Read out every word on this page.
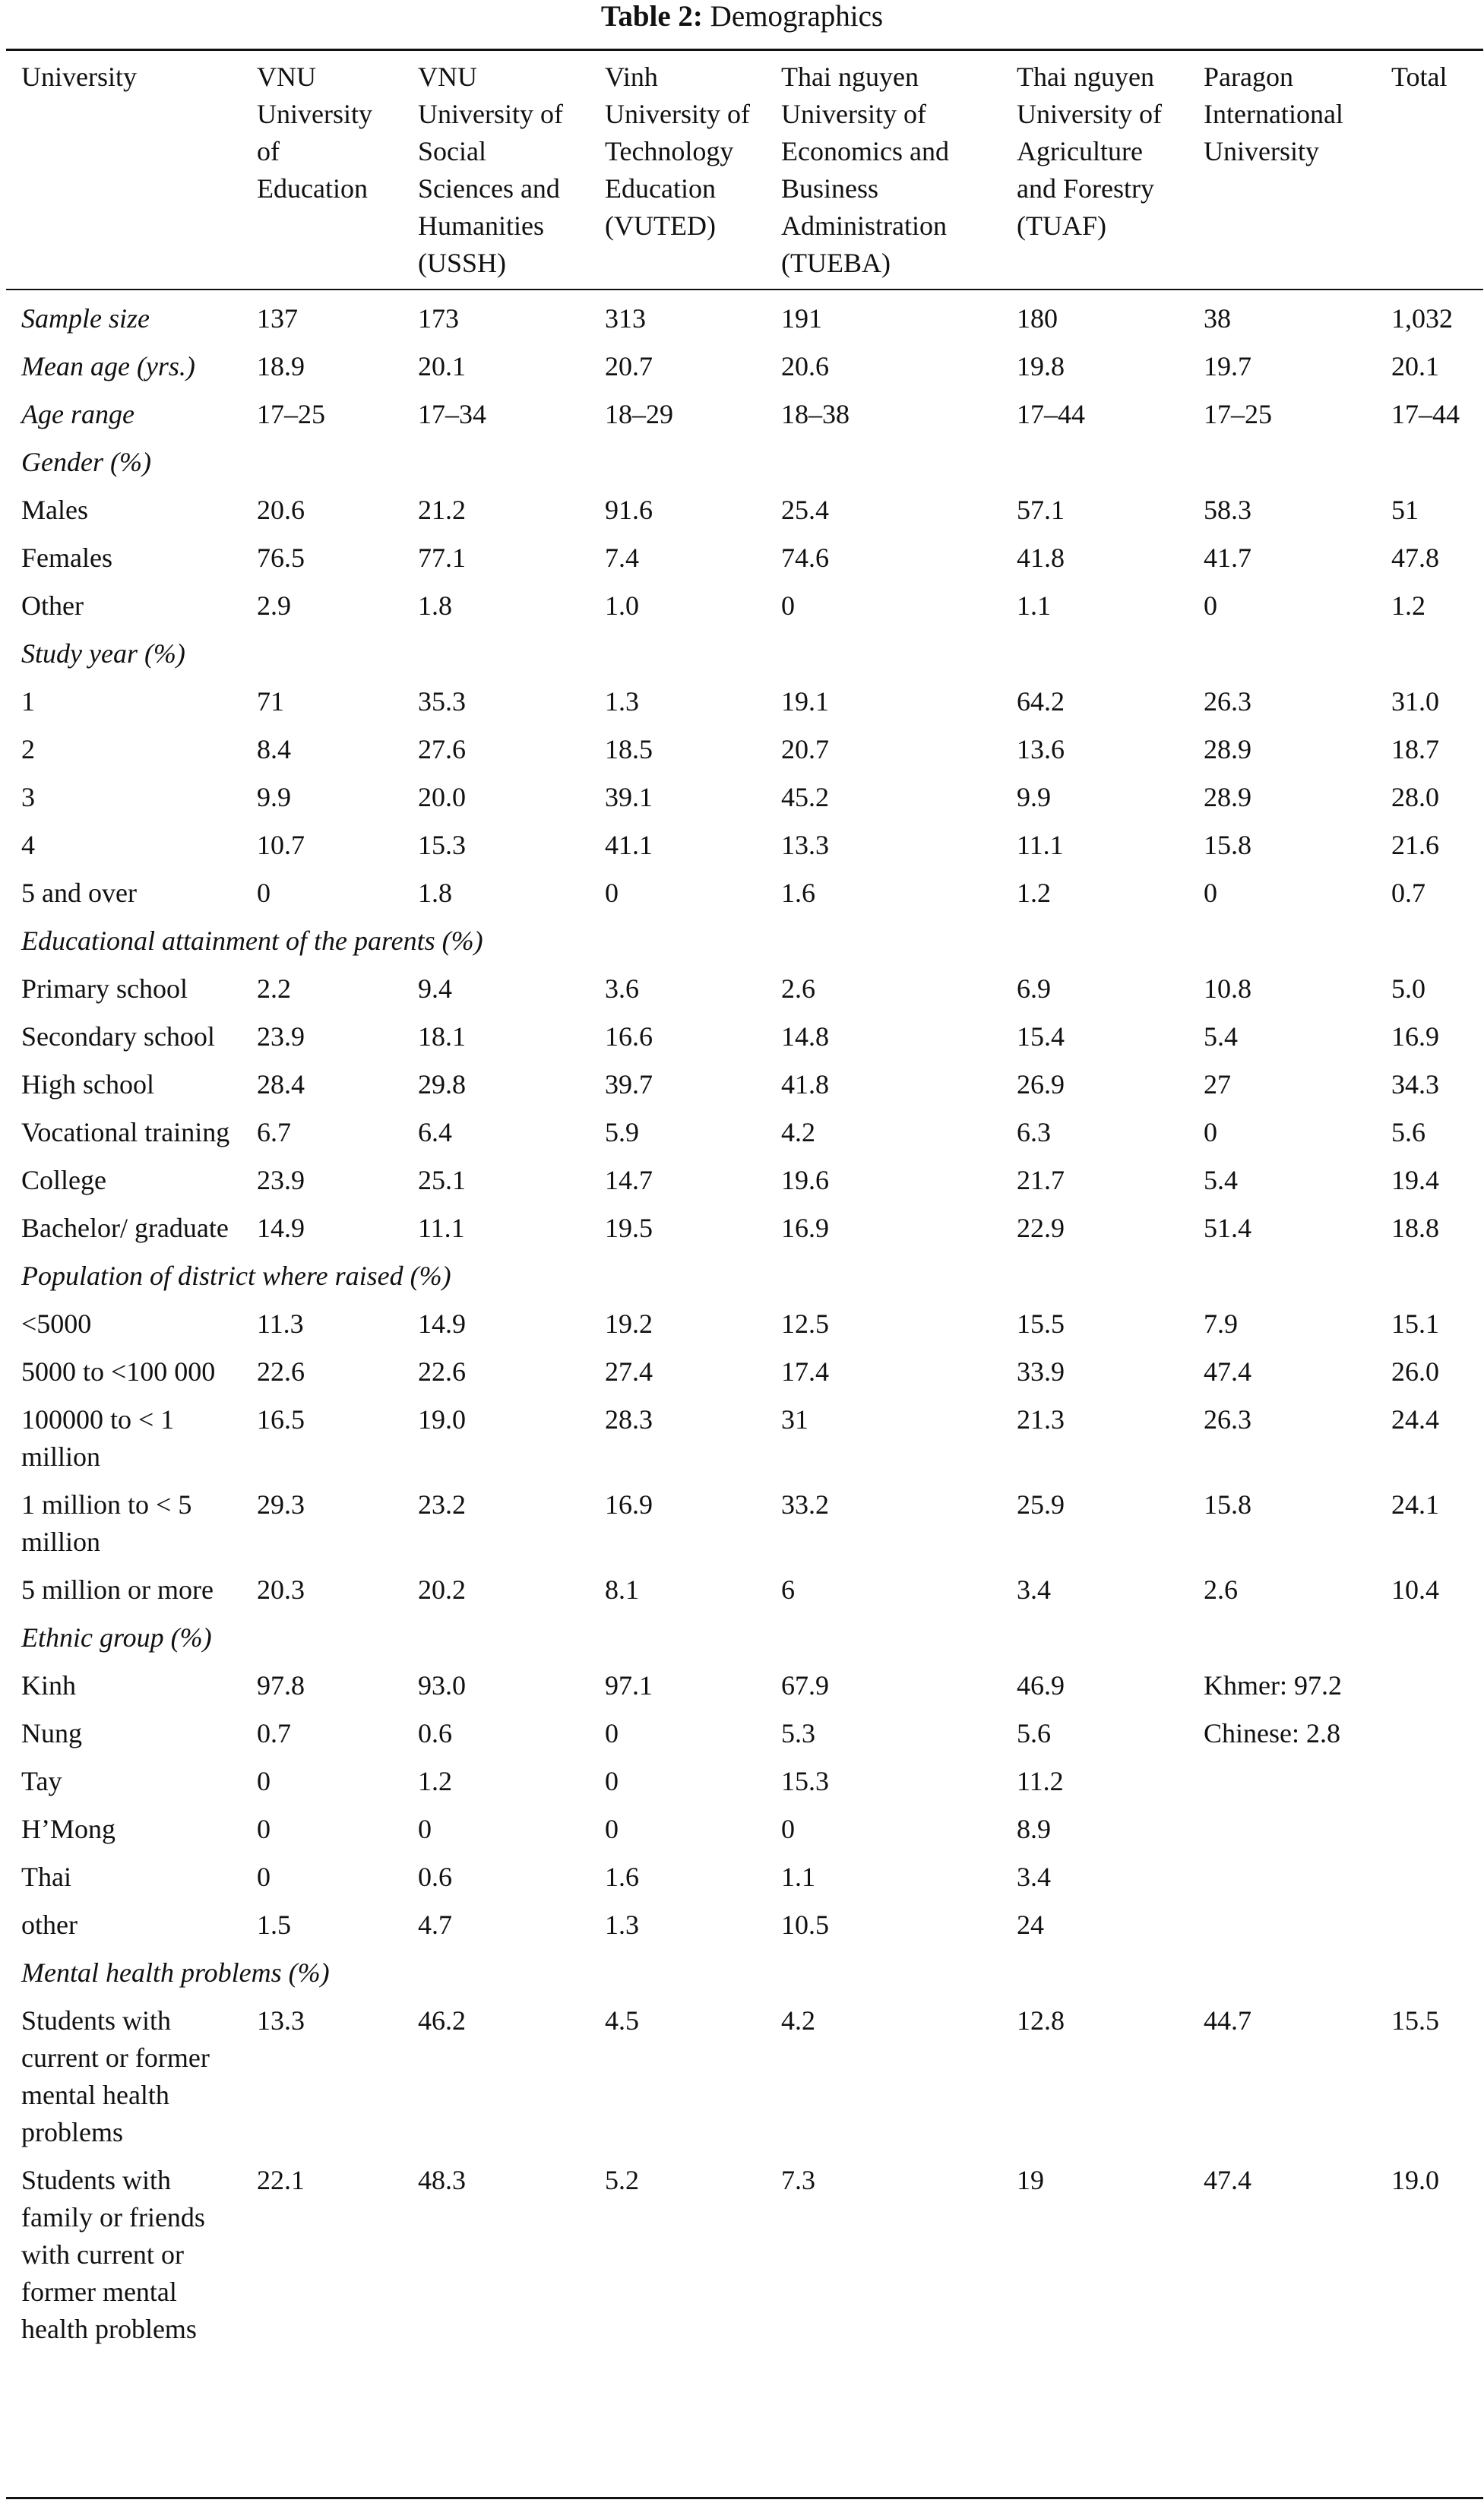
Table 2: Demographics
University	VNU University of Education	VNU University of Social Sciences and Humanities (USSH)	Vinh University of Technology Education (VUTED)	Thai nguyen University of Economics and Business Administration (TUEBA)	Thai nguyen University of Agriculture and Forestry (TUAF)	Paragon International University	Total
Sample size	137	173	313	191	180	38	1,032
Mean age (yrs.)	18.9	20.1	20.7	20.6	19.8	19.7	20.1
Age range	17–25	17–34	18–29	18–38	17–44	17–25	17–44
Gender (%)							
Males	20.6	21.2	91.6	25.4	57.1	58.3	51
Females	76.5	77.1	7.4	74.6	41.8	41.7	47.8
Other	2.9	1.8	1.0	0	1.1	0	1.2
Study year (%)							
1	71	35.3	1.3	19.1	64.2	26.3	31.0
2	8.4	27.6	18.5	20.7	13.6	28.9	18.7
3	9.9	20.0	39.1	45.2	9.9	28.9	28.0
4	10.7	15.3	41.1	13.3	11.1	15.8	21.6
5 and over	0	1.8	0	1.6	1.2	0	0.7
Educational attainment of the parents (%)							
Primary school	2.2	9.4	3.6	2.6	6.9	10.8	5.0
Secondary school	23.9	18.1	16.6	14.8	15.4	5.4	16.9
High school	28.4	29.8	39.7	41.8	26.9	27	34.3
Vocational training	6.7	6.4	5.9	4.2	6.3	0	5.6
College	23.9	25.1	14.7	19.6	21.7	5.4	19.4
Bachelor/ graduate	14.9	11.1	19.5	16.9	22.9	51.4	18.8
Population of district where raised (%)							
<5000	11.3	14.9	19.2	12.5	15.5	7.9	15.1
5000 to <100 000	22.6	22.6	27.4	17.4	33.9	47.4	26.0
100000 to < 1 million	16.5	19.0	28.3	31	21.3	26.3	24.4
1 million to < 5 million	29.3	23.2	16.9	33.2	25.9	15.8	24.1
5 million or more	20.3	20.2	8.1	6	3.4	2.6	10.4
Ethnic group (%)							
Kinh	97.8	93.0	97.1	67.9	46.9	Khmer: 97.2	
Nung	0.7	0.6	0	5.3	5.6	Chinese: 2.8	
Tay	0	1.2	0	15.3	11.2		
H’Mong	0	0	0	0	8.9		
Thai	0	0.6	1.6	1.1	3.4		
other	1.5	4.7	1.3	10.5	24		
Mental health problems (%)							
Students with current or former mental health problems	13.3	46.2	4.5	4.2	12.8	44.7	15.5
Students with family or friends with current or former mental health problems	22.1	48.3	5.2	7.3	19	47.4	19.0
